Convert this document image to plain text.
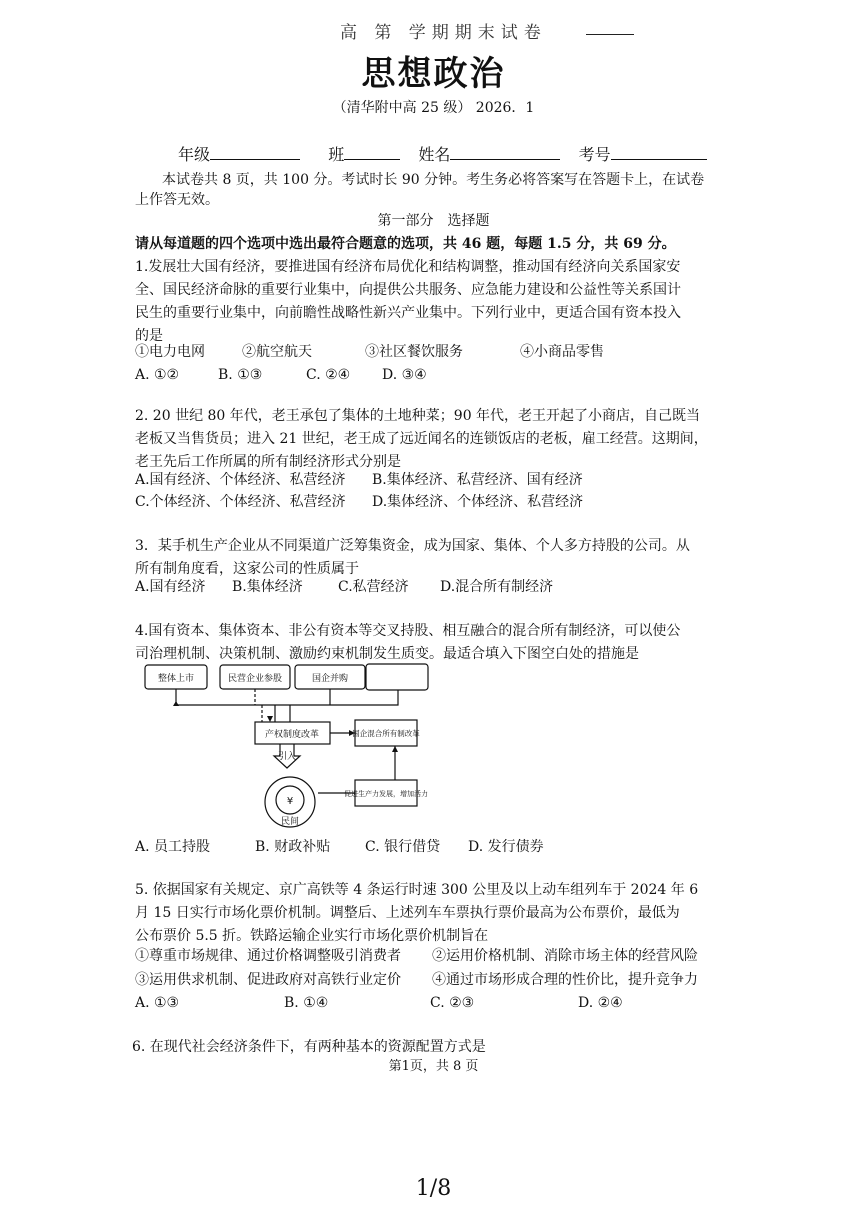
高 第 学期期末试卷
思想政治
（清华附中高 25 级） 2026．1
年级	班	姓名	考号
本试卷共 8 页，共 100 分。考试时长 90 分钟。考生务必将答案写在答题卡上，在试卷
上作答无效。
第一部分　选择题
请从每道题的四个选项中选出最符合题意的选项，共 46 题，每题 1.5 分，共 69 分。
1.发展壮大国有经济，要推进国有经济布局优化和结构调整，推动国有经济向关系国家安
全、国民经济命脉的重要行业集中，向提供公共服务、应急能力建设和公益性等关系国计
民生的重要行业集中，向前瞻性战略性新兴产业集中。下列行业中，更适合国有资本投入
的是
①电力电网	②航空航天	③社区餐饮服务	④小商品零售
A. ①②	B. ①③	C. ②④ D. ③④
2. 20 世纪 80 年代，老王承包了集体的土地种菜；90 年代，老王开起了小商店，自己既当
老板又当售货员；进入 21 世纪，老王成了远近闻名的连锁饭店的老板，雇工经营。这期间，
老王先后工作所属的所有制经济形式分别是
A.国有经济、个体经济、私营经济 B.集体经济、私营经济、国有经济
C.个体经济、个体经济、私营经济 D.集体经济、个体经济、私营经济
3．某手机生产企业从不同渠道广泛筹集资金，成为国家、集体、个人多方持股的公司。从
所有制角度看，这家公司的性质属于
A.国有经济 B.集体经济	C.私营经济 D.混合所有制经济
4.国有资本、集体资本、非公有资本等交叉持股、相互融合的混合所有制经济，可以使公
司治理机制、决策机制、激励约束机制发生质变。最适合填入下图空白处的措施是
整体上市	民营企业参股	国企并购
产权制度改革	国企混合所有制改革
促进生产力发展，增加活力
引入
¥
民间
A. 员工持股	B. 财政补贴 C. 银行借贷 D. 发行债券
5. 依据国家有关规定、京广高铁等 4 条运行时速 300 公里及以上动车组列车于 2024 年 6
月 15 日实行市场化票价机制。调整后、上述列车车票执行票价最高为公布票价，最低为
公布票价 5.5 折。铁路运输企业实行市场化票价机制旨在
①尊重市场规律、通过价格调整吸引消费者 ②运用价格机制、消除市场主体的经营风险
③运用供求机制、促进政府对高铁行业定价 ④通过市场形成合理的性价比，提升竞争力
A. ①③	B. ①④	C. ②③	D. ②④
6. 在现代社会经济条件下，有两种基本的资源配置方式是
第1页，共 8 页
1/8
